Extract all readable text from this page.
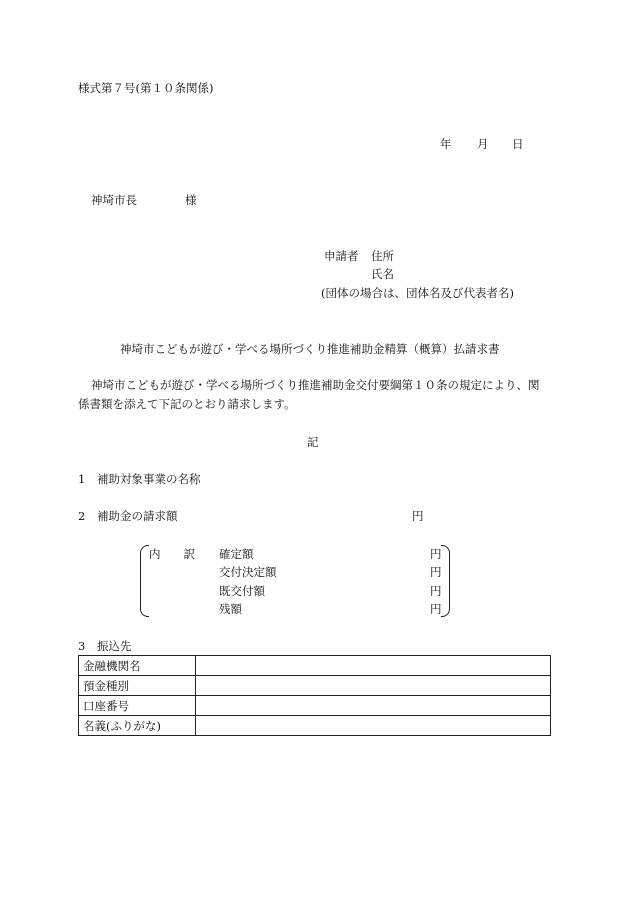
様式第７号(第１０条関係)
年 月 日
神埼市長	様
申請者 住所
氏名
(団体の場合は、団体名及び代表者名)
神埼市こどもが遊び・学べる場所づくり推進補助金精算（概算）払請求書
神埼市こどもが遊び・学べる場所づくり推進補助金交付要綱第１０条の規定により、関
係書類を添えて下記のとおり請求します。
記
1 補助対象事業の名称
2 補助金の請求額	円
内　　訳 確定額	円
交付決定額	円
既交付額	円
残額	円
3 振込先
金融機関名	
預金種別	
口座番号	
名義(ふりがな)	
